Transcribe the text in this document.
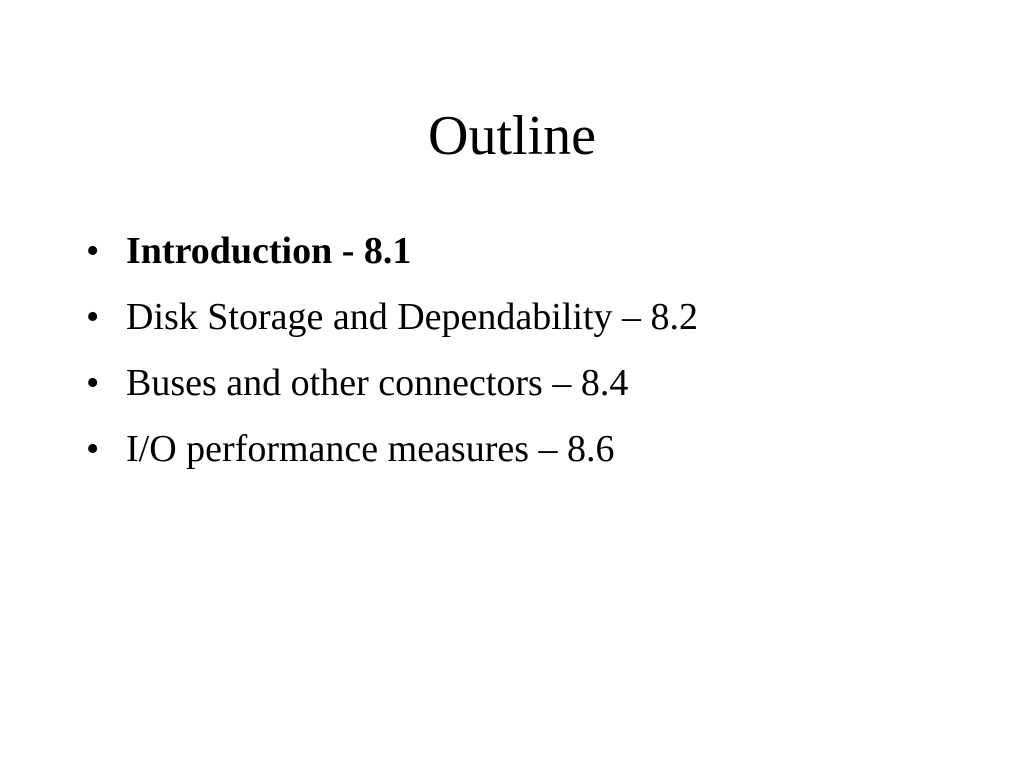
Outline
• Introduction - 8.1
• Disk Storage and Dependability – 8.2
• Buses and other connectors – 8.4
• I/O performance measures – 8.6
